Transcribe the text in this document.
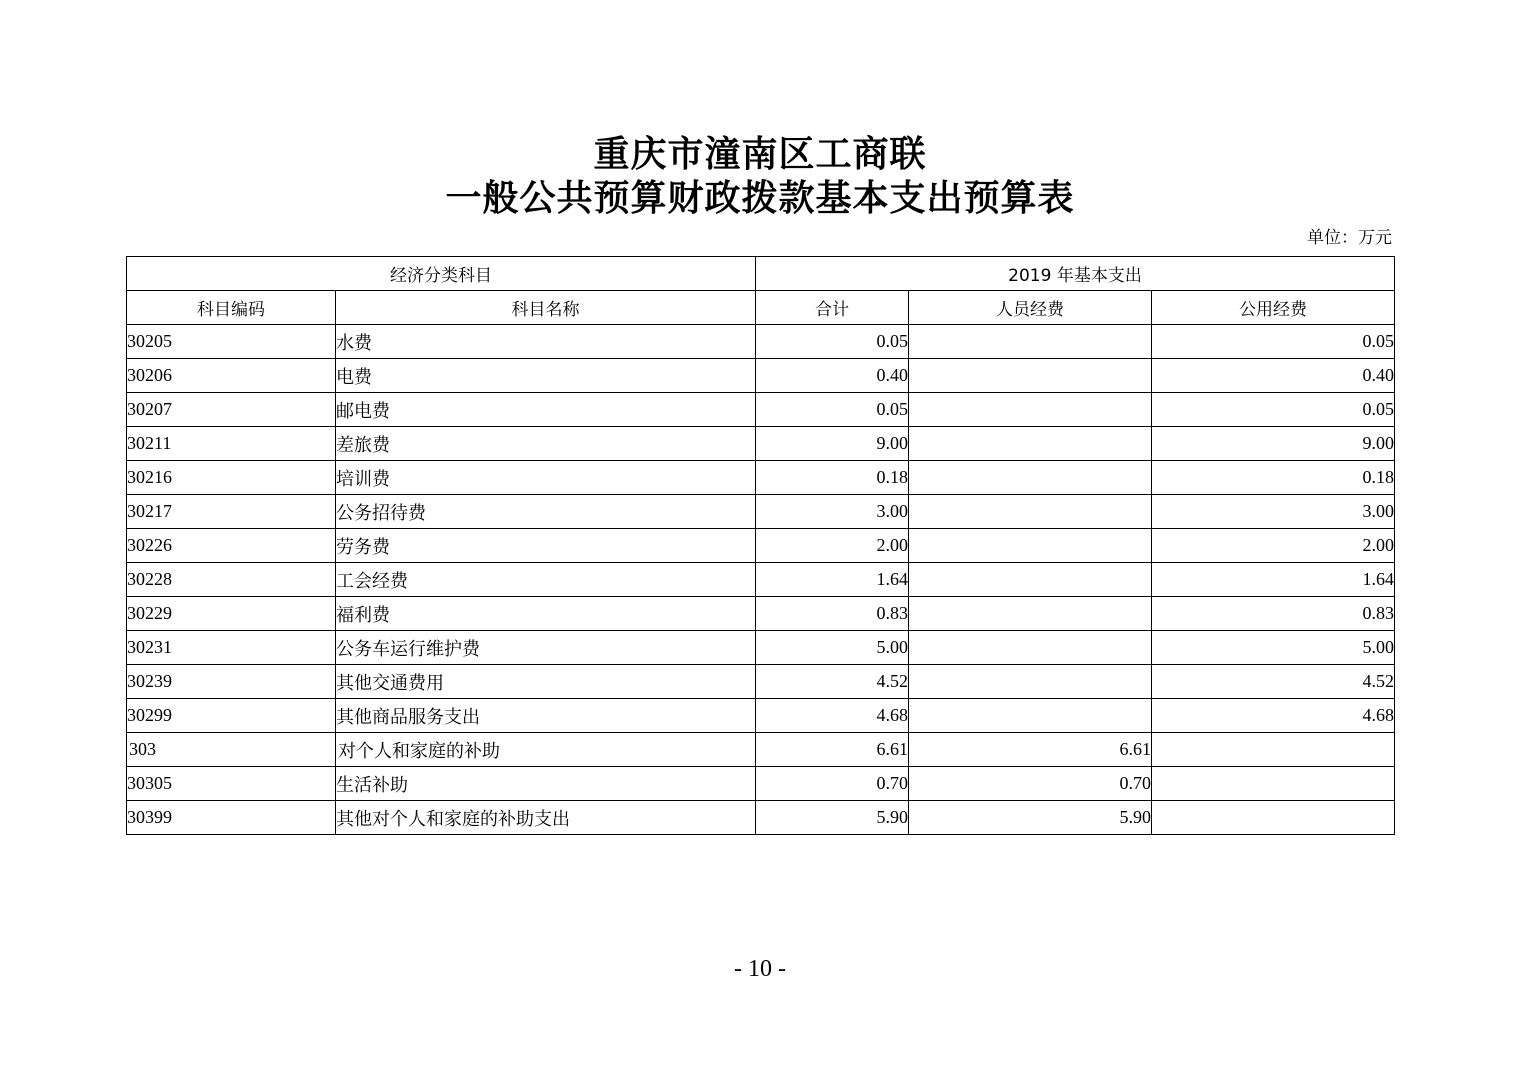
重庆市潼南区工商联
一般公共预算财政拨款基本支出预算表
单位：万元
经济分类科目		2019 年基本支出		
科目编码	科目名称	合计	人员经费	公用经费
30205	水费	0.05		0.05
30206	电费	0.40		0.40
30207	邮电费	0.05		0.05
30211	差旅费	9.00		9.00
30216	培训费	0.18		0.18
30217	公务招待费	3.00		3.00
30226	劳务费	2.00		2.00
30228	工会经费	1.64		1.64
30229	福利费	0.83		0.83
30231	公务车运行维护费	5.00		5.00
30239	其他交通费用	4.52		4.52
30299	其他商品服务支出	4.68		4.68
303	对个人和家庭的补助	6.61	6.61	
30305	生活补助	0.70	0.70	
30399	其他对个人和家庭的补助支出	5.90	5.90	
- 10 -
